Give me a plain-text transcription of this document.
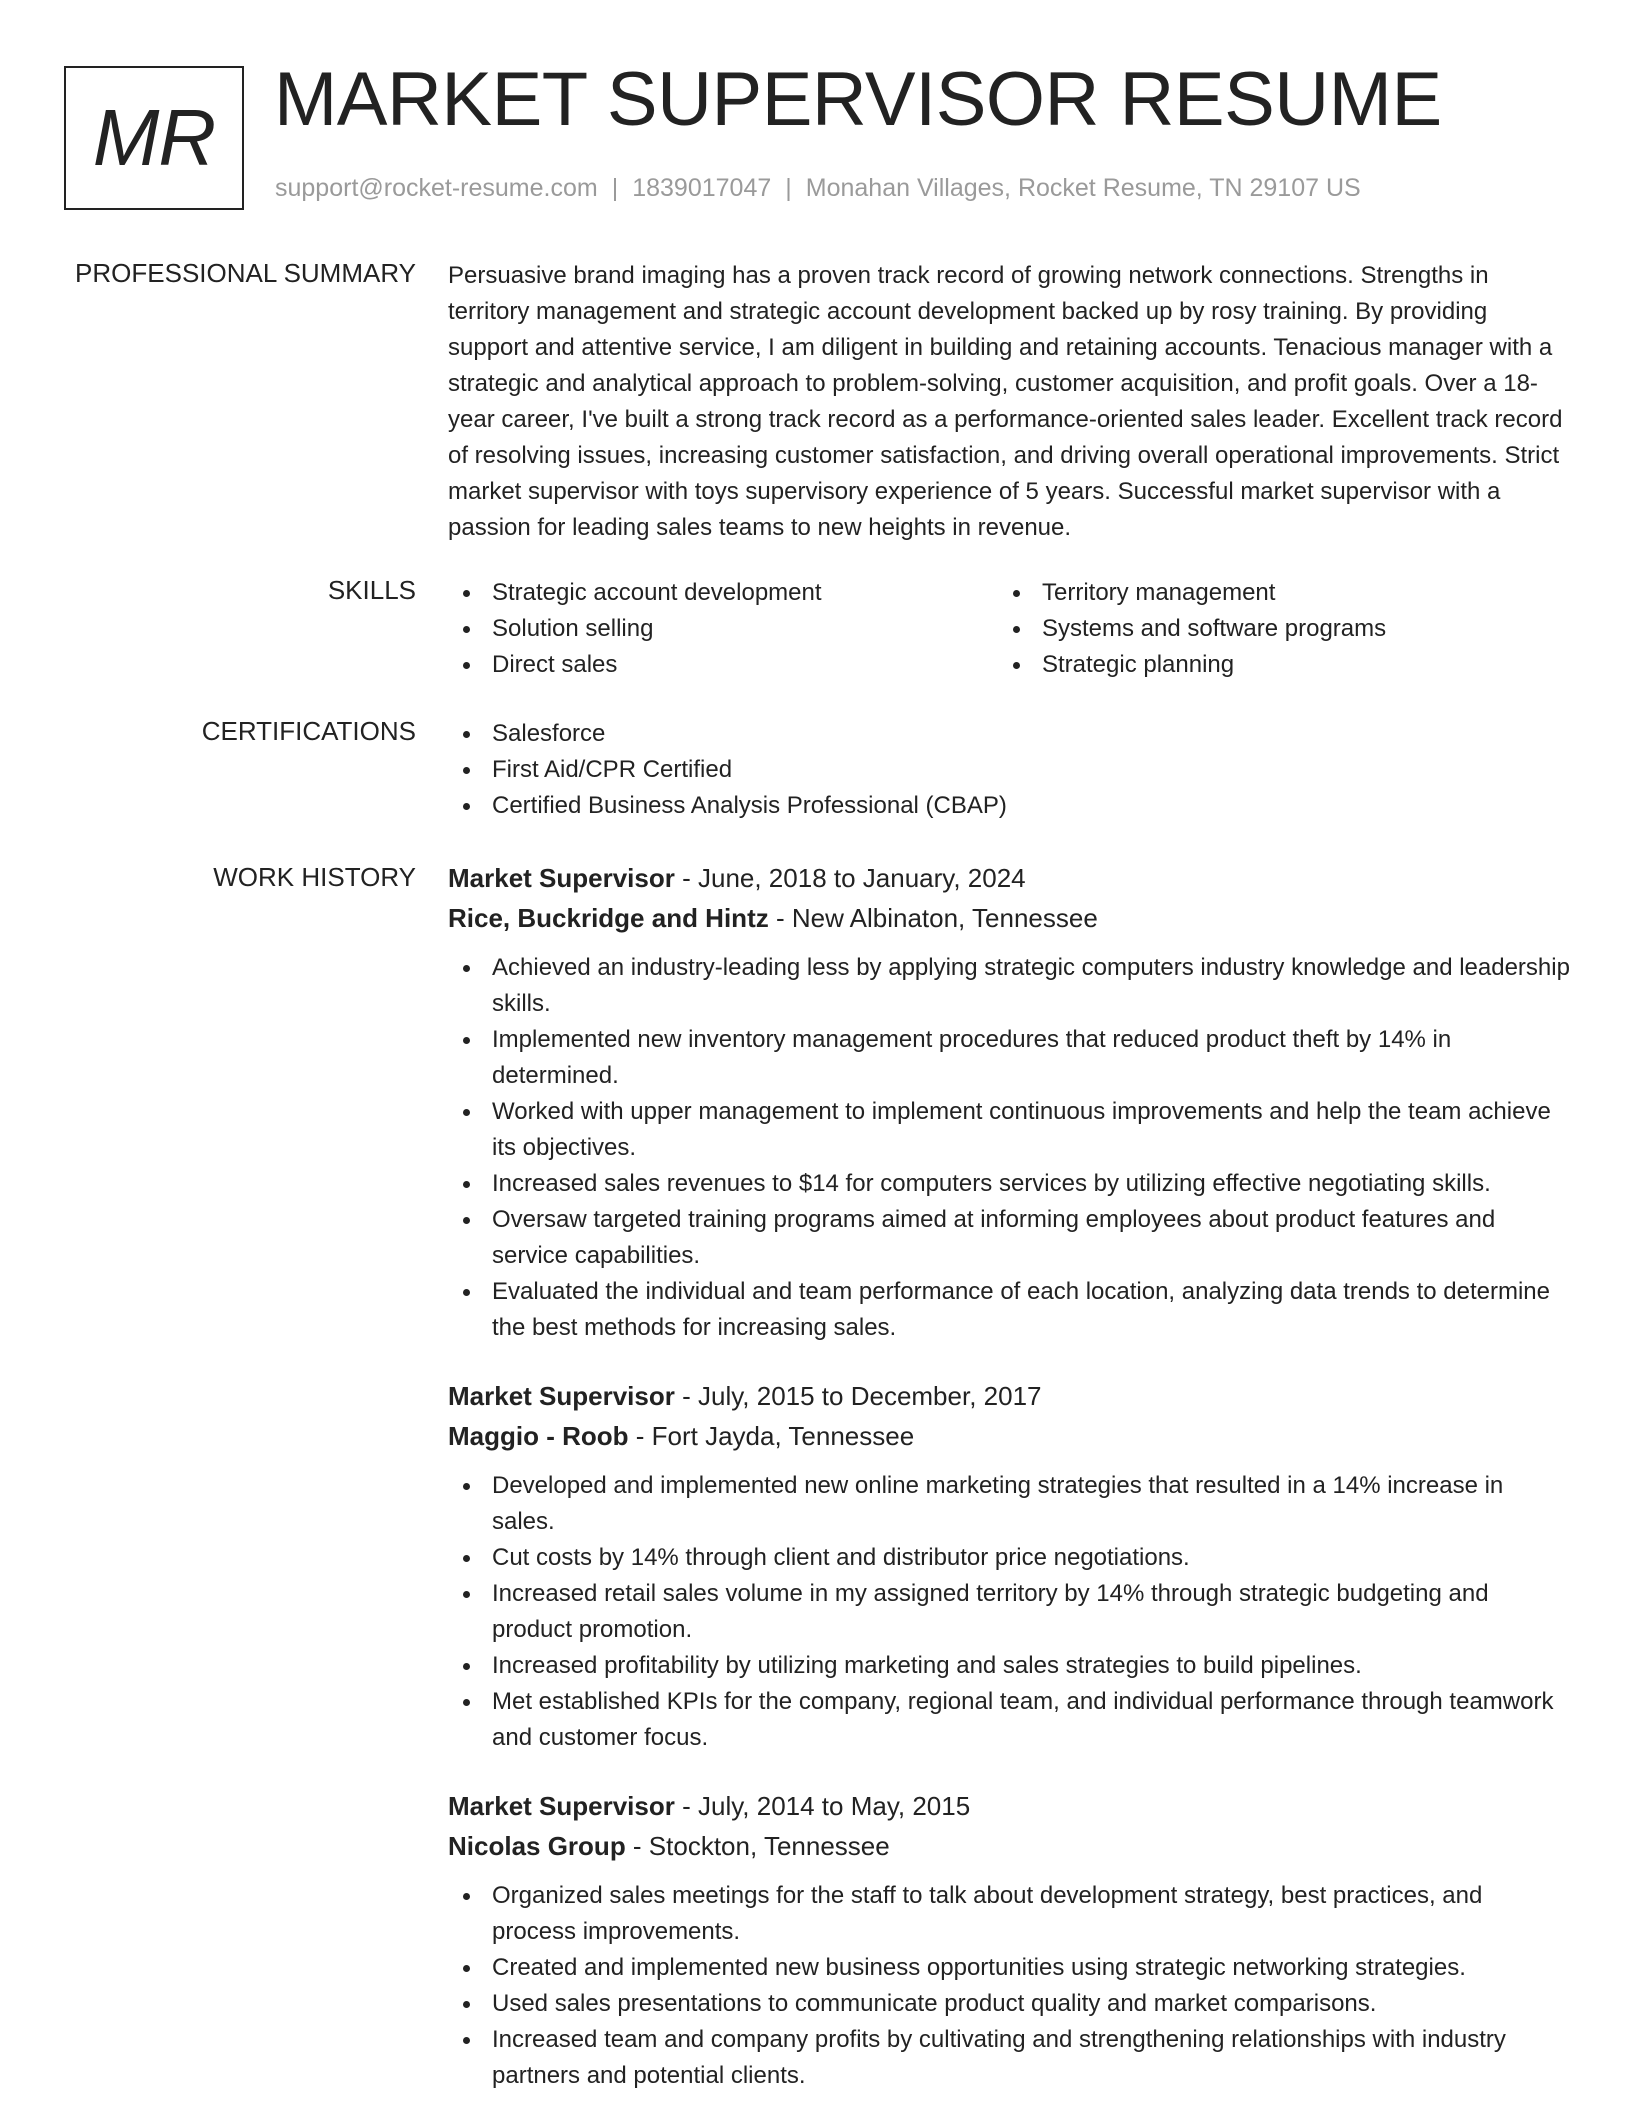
MR MARKET SUPERVISOR RESUME
support@rocket-resume.com | 1839017047 | Monahan Villages, Rocket Resume, TN 29107 US
PROFESSIONAL SUMMARY Persuasive brand imaging has a proven track record of growing network connections. Strengths in territory management and strategic account development backed up by rosy training. By providing support and attentive service, I am diligent in building and retaining accounts. Tenacious manager with a strategic and analytical approach to problem-solving, customer acquisition, and profit goals. Over a 18-year career, I've built a strong track record as a performance-oriented sales leader. Excellent track record of resolving issues, increasing customer satisfaction, and driving overall operational improvements. Strict market supervisor with toys supervisory experience of 5 years. Successful market supervisor with a passion for leading sales teams to new heights in revenue.
SKILLS	Strategic account development	Territory management
Solution selling	Systems and software programs
Direct sales	Strategic planning
CERTIFICATIONS	Salesforce
First Aid/CPR Certified
Certified Business Analysis Professional (CBAP)
WORK HISTORY Market Supervisor - June, 2018 to January, 2024
Rice, Buckridge and Hintz - New Albinaton, Tennessee
Achieved an industry-leading less by applying strategic computers industry knowledge and leadership skills.
Implemented new inventory management procedures that reduced product theft by 14% in determined.
Worked with upper management to implement continuous improvements and help the team achieve its objectives.
Increased sales revenues to $14 for computers services by utilizing effective negotiating skills.
Oversaw targeted training programs aimed at informing employees about product features and service capabilities.
Evaluated the individual and team performance of each location, analyzing data trends to determine the best methods for increasing sales.
Market Supervisor - July, 2015 to December, 2017
Maggio - Roob - Fort Jayda, Tennessee
Developed and implemented new online marketing strategies that resulted in a 14% increase in sales.
Cut costs by 14% through client and distributor price negotiations.
Increased retail sales volume in my assigned territory by 14% through strategic budgeting and product promotion.
Increased profitability by utilizing marketing and sales strategies to build pipelines.
Met established KPIs for the company, regional team, and individual performance through teamwork and customer focus.
Market Supervisor - July, 2014 to May, 2015
Nicolas Group - Stockton, Tennessee
Organized sales meetings for the staff to talk about development strategy, best practices, and process improvements.
Created and implemented new business opportunities using strategic networking strategies.
Used sales presentations to communicate product quality and market comparisons.
Increased team and company profits by cultivating and strengthening relationships with industry partners and potential clients.
